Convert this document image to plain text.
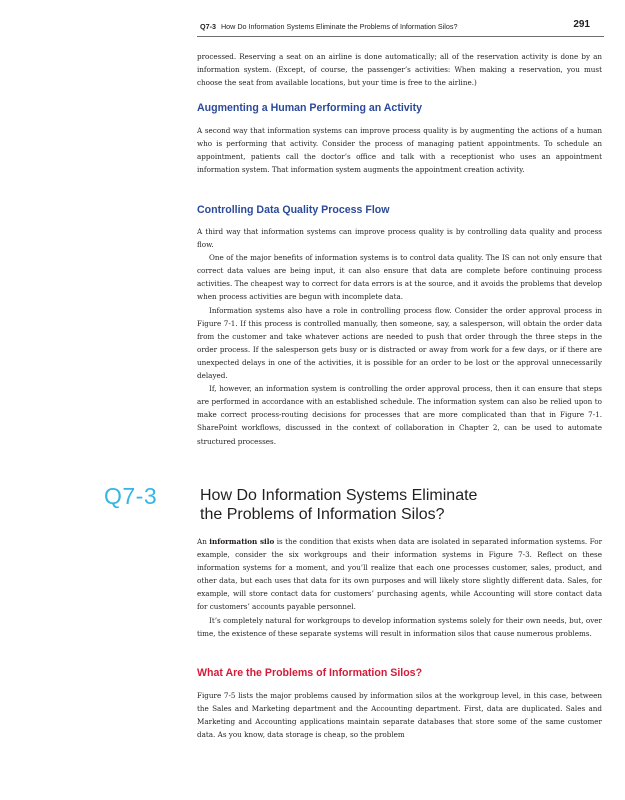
Q7-3 How Do Information Systems Eliminate the Problems of Information Silos?	291

processed. Reserving a seat on an airline is done automatically; all of the reservation activity is done by an information system. (Except, of course, the passenger’s activities: When making a reservation, you must choose the seat from available locations, but your time is free to the airline.)

Augmenting a Human Performing an Activity

A second way that information systems can improve process quality is by augmenting the actions of a human who is performing that activity. Consider the process of managing patient appointments. To schedule an appointment, patients call the doctor’s office and talk with a receptionist who uses an appointment information system. That information system augments the appointment creation activity.

Controlling Data Quality Process Flow

A third way that information systems can improve process quality is by controlling data quality and process flow.

One of the major benefits of information systems is to control data quality. The IS can not only ensure that correct data values are being input, it can also ensure that data are complete before continuing process activities. The cheapest way to correct for data errors is at the source, and it avoids the problems that develop when process activities are begun with incomplete data.

Information systems also have a role in controlling process flow. Consider the order approval process in Figure 7-1. If this process is controlled manually, then someone, say, a salesperson, will obtain the order data from the customer and take whatever actions are needed to push that order through the three steps in the order process. If the salesperson gets busy or is distracted or away from work for a few days, or if there are unexpected delays in one of the activities, it is possible for an order to be lost or the approval unnecessarily delayed.

If, however, an information system is controlling the order approval process, then it can ensure that steps are performed in accordance with an established schedule. The information system can also be relied upon to make correct process-routing decisions for processes that are more complicated than that in Figure 7-1. SharePoint workflows, discussed in the context of collaboration in Chapter 2, can be used to automate structured processes.

Q7-3	How Do Information Systems Eliminate
the Problems of Information Silos?

An information silo is the condition that exists when data are isolated in separated information systems. For example, consider the six workgroups and their information systems in Figure 7-3. Reflect on these information systems for a moment, and you’ll realize that each one processes customer, sales, product, and other data, but each uses that data for its own purposes and will likely store slightly different data. Sales, for example, will store contact data for customers’ purchasing agents, while Accounting will store contact data for customers’ accounts payable personnel.

It’s completely natural for workgroups to develop information systems solely for their own needs, but, over time, the existence of these separate systems will result in information silos that cause numerous problems.

What Are the Problems of Information Silos?

Figure 7-5 lists the major problems caused by information silos at the workgroup level, in this case, between the Sales and Marketing department and the Accounting department. First, data are duplicated. Sales and Marketing and Accounting applications maintain separate databases that store some of the same customer data. As you know, data storage is cheap, so the problem
